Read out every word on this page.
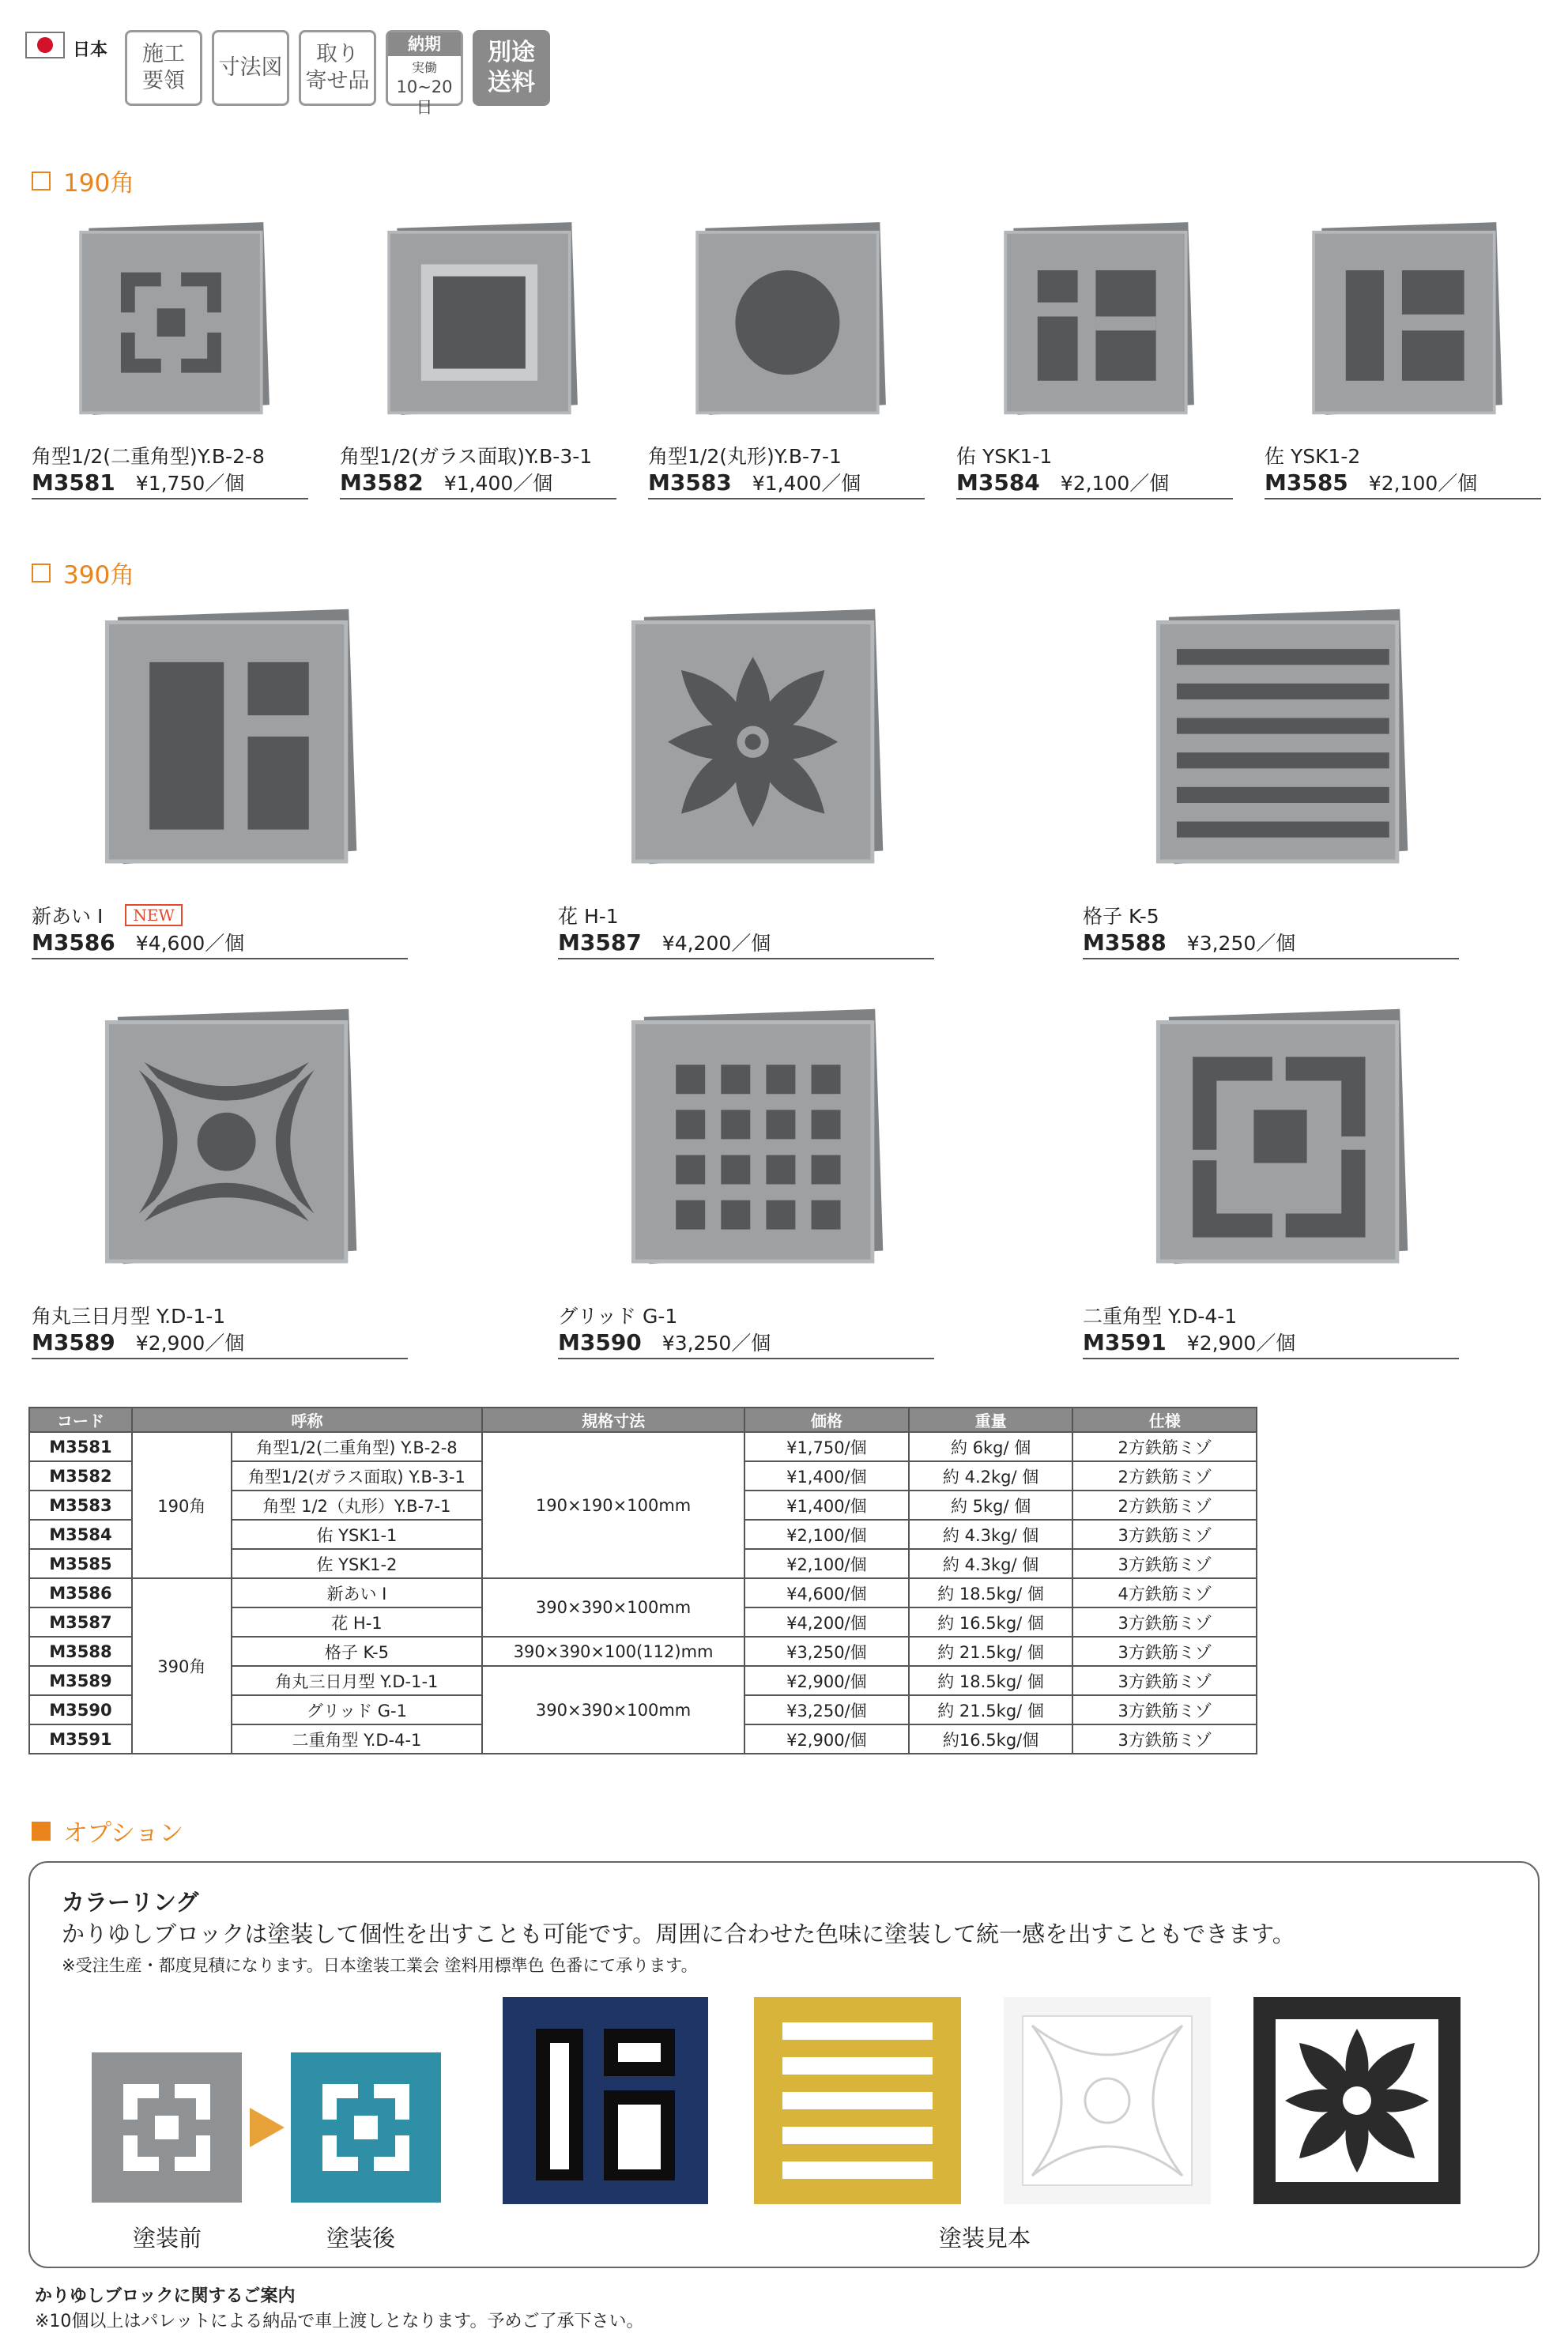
日本	施工
要領
寸法図
取り
寄せ品
納期
実働
10~20日
別途
送料
190角
角型1/2(二重角型)Y.B-2-8
M3581 ¥1,750／個
角型1/2(ガラス面取)Y.B-3-1
M3582 ¥1,400／個
角型1/2(丸形)Y.B-7-1
M3583 ¥1,400／個
佑 YSK1-1
M3584 ¥2,100／個
佐 YSK1-2
M3585 ¥2,100／個
新あい Ⅰ NEW
M3586 ¥4,600／個
花 H-1
M3587 ¥4,200／個
格子 K-5
M3588 ¥3,250／個
角丸三日月型 Y.D-1-1
M3589 ¥2,900／個
グリッド G-1
M3590 ¥3,250／個
二重角型 Y.D-4-1
M3591 ¥2,900／個
390角
コード	呼称		規格寸法	価格	重量	仕様
M3581	190角	角型1/2(二重角型) Y.B-2-8	190×190×100mm	¥1,750/個	約 6kg/ 個	2方鉄筋ミゾ
M3582		角型1/2(ガラス面取) Y.B-3-1		¥1,400/個	約 4.2kg/ 個	2方鉄筋ミゾ
M3583		角型 1/2（丸形）Y.B-7-1		¥1,400/個	約 5kg/ 個	2方鉄筋ミゾ
M3584		佑 YSK1-1		¥2,100/個	約 4.3kg/ 個	3方鉄筋ミゾ
M3585		佐 YSK1-2		¥2,100/個	約 4.3kg/ 個	3方鉄筋ミゾ
M3586	390角	新あい Ⅰ	390×390×100mm	¥4,600/個	約 18.5kg/ 個	4方鉄筋ミゾ
M3587		花 H-1		¥4,200/個	約 16.5kg/ 個	3方鉄筋ミゾ
M3588		格子 K-5	390×390×100(112)mm	¥3,250/個	約 21.5kg/ 個	3方鉄筋ミゾ
M3589		角丸三日月型 Y.D-1-1	390×390×100mm	¥2,900/個	約 18.5kg/ 個	3方鉄筋ミゾ
M3590		グリッド G-1		¥3,250/個	約 21.5kg/ 個	3方鉄筋ミゾ
M3591		二重角型 Y.D-4-1		¥2,900/個	約16.5kg/個	3方鉄筋ミゾ
オプション
カラーリング
かりゆしブロックは塗装して個性を出すことも可能です。周囲に合わせた色味に塗装して統一感を出すこともできます。
※受注生産・都度見積になります。日本塗装工業会 塗料用標準色 色番にて承ります。
塗装前	塗装後	塗装見本
かりゆしブロックに関するご案内
※10個以上はパレットによる納品で車上渡しとなります。予めご了承下さい。
